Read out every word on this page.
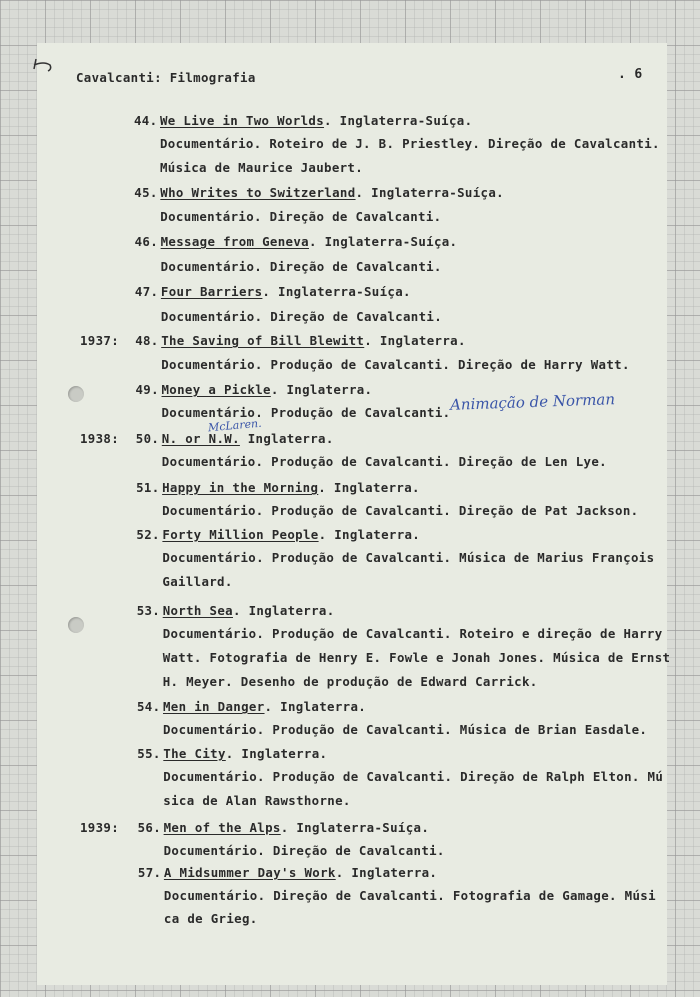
Cavalcanti: Filmografia	. 6
44. We Live in Two Worlds. Inglaterra-Suíça.
Documentário. Roteiro de J. B. Priestley. Direção de Cavalcanti.
Música de Maurice Jaubert.
45. Who Writes to Switzerland. Inglaterra-Suíça.
Documentário. Direção de Cavalcanti.
46. Message from Geneva. Inglaterra-Suíça.
Documentário. Direção de Cavalcanti.
47. Four Barriers. Inglaterra-Suíça.
Documentário. Direção de Cavalcanti.
1937: 48. The Saving of Bill Blewitt. Inglaterra.
Documentário. Produção de Cavalcanti. Direção de Harry Watt.
49. Money a Pickle. Inglaterra.
Documentário. Produção de Cavalcanti.
1938: 50. N. or N.W. Inglaterra.
Documentário. Produção de Cavalcanti. Direção de Len Lye.
51. Happy in the Morning. Inglaterra.
Documentário. Produção de Cavalcanti. Direção de Pat Jackson.
52. Forty Million People. Inglaterra.
Documentário. Produção de Cavalcanti. Música de Marius François
Gaillard.
53. North Sea. Inglaterra.
Documentário. Produção de Cavalcanti. Roteiro e direção de Harry
Watt. Fotografia de Henry E. Fowle e Jonah Jones. Música de Ernst
H. Meyer. Desenho de produção de Edward Carrick.
54. Men in Danger. Inglaterra.
Documentário. Produção de Cavalcanti. Música de Brian Easdale.
55. The City. Inglaterra.
Documentário. Produção de Cavalcanti. Direção de Ralph Elton. Mú
sica de Alan Rawsthorne.
1939: 56. Men of the Alps. Inglaterra-Suíça.
Documentário. Direção de Cavalcanti.
57. A Midsummer Day's Work. Inglaterra.
Documentário. Direção de Cavalcanti. Fotografia de Gamage. Músi
ca de Grieg.
Animação de Norman
McLaren.
